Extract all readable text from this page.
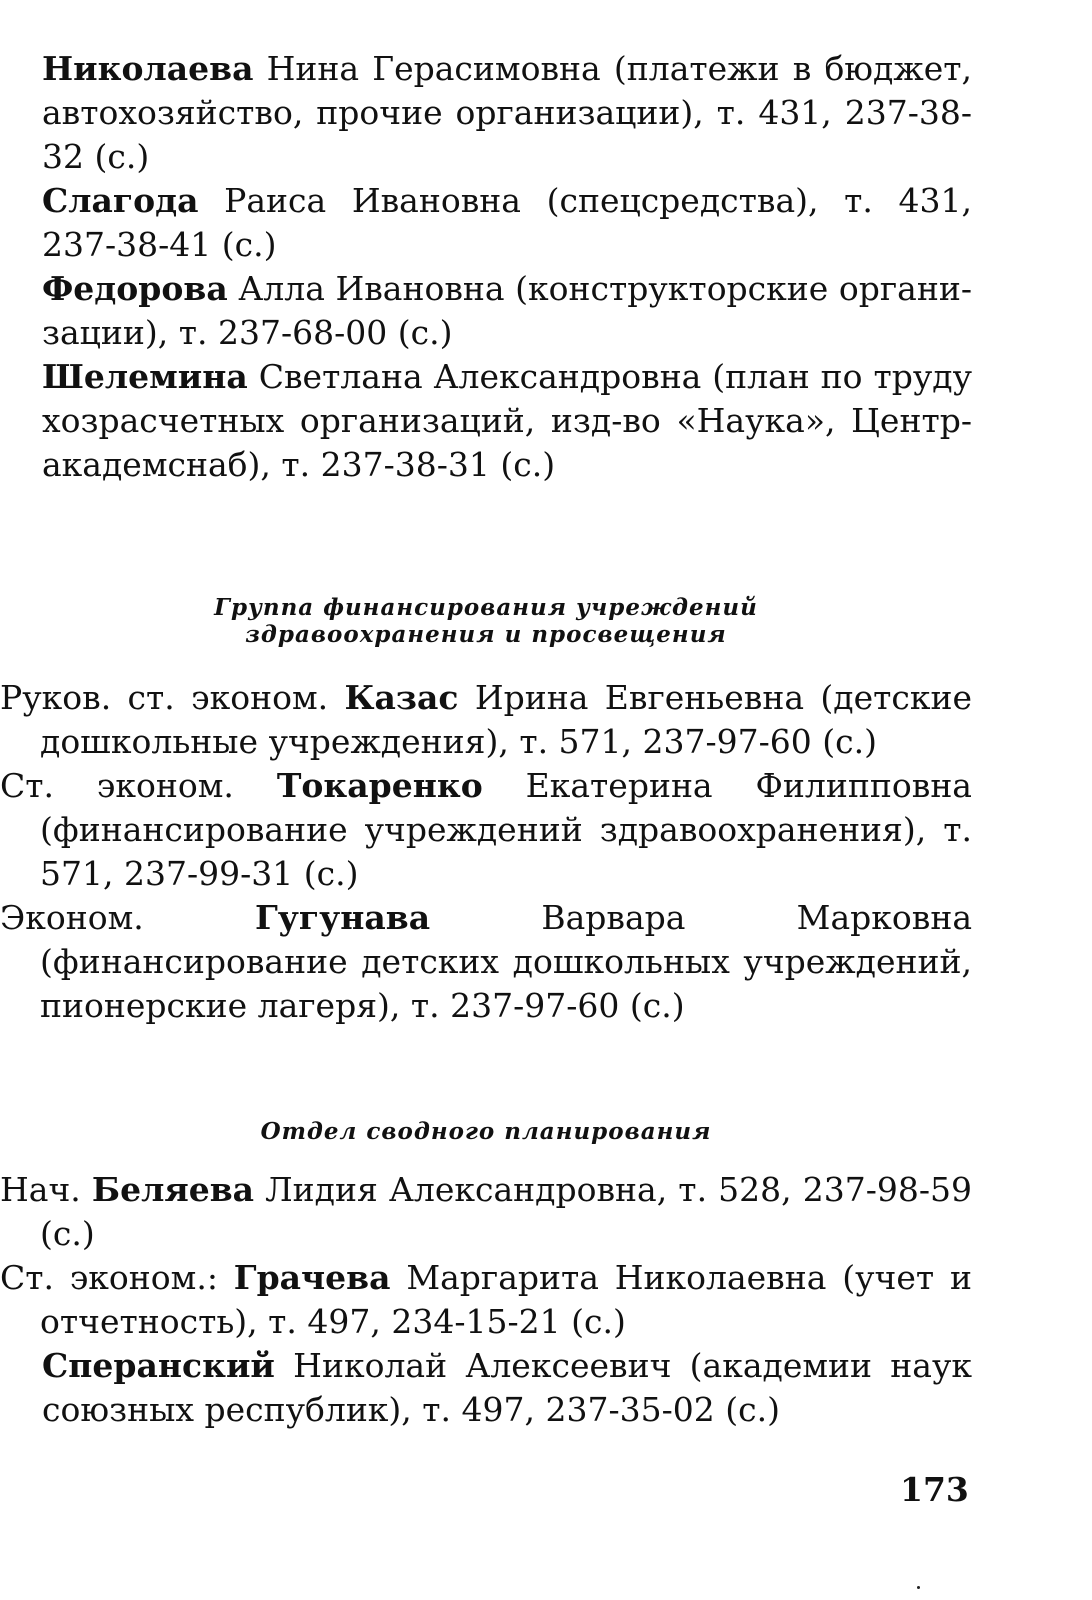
Николаева Нина Герасимовна (платежи в бюджет, автохозяйство, прочие организации), т. 431, 237-38-32 (с.)
Слагода Раиса Ивановна (спецсредства), т. 431, 237-38-41 (с.)
Федорова Алла Ивановна (конструкторские организации), т. 237-68-00 (с.)
Шелемина Светлана Александровна (план по труду хозрасчетных организаций, изд-во «Наука», Центракадемснаб), т. 237-38-31 (с.)
Группа финансирования учреждений
здравоохранения и просвещения
Руков. ст. эконом. Казас Ирина Евгеньевна (детские дошкольные учреждения), т. 571, 237-97-60 (с.)
Ст. эконом. Токаренко Екатерина Филипповна (финансирование учреждений здравоохранения), т. 571, 237-99-31 (с.)
Эконом. Гугунава Варвара Марковна (финансирование детских дошкольных учреждений, пионерские лагеря), т. 237-97-60 (с.)
Отдел сводного планирования
Нач. Беляева Лидия Александровна, т. 528, 237-98-59 (с.)
Ст. эконом.: Грачева Маргарита Николаевна (учет и отчетность), т. 497, 234-15-21 (с.)
Сперанский Николай Алексеевич (академии наук союзных республик), т. 497, 237-35-02 (с.)
173
